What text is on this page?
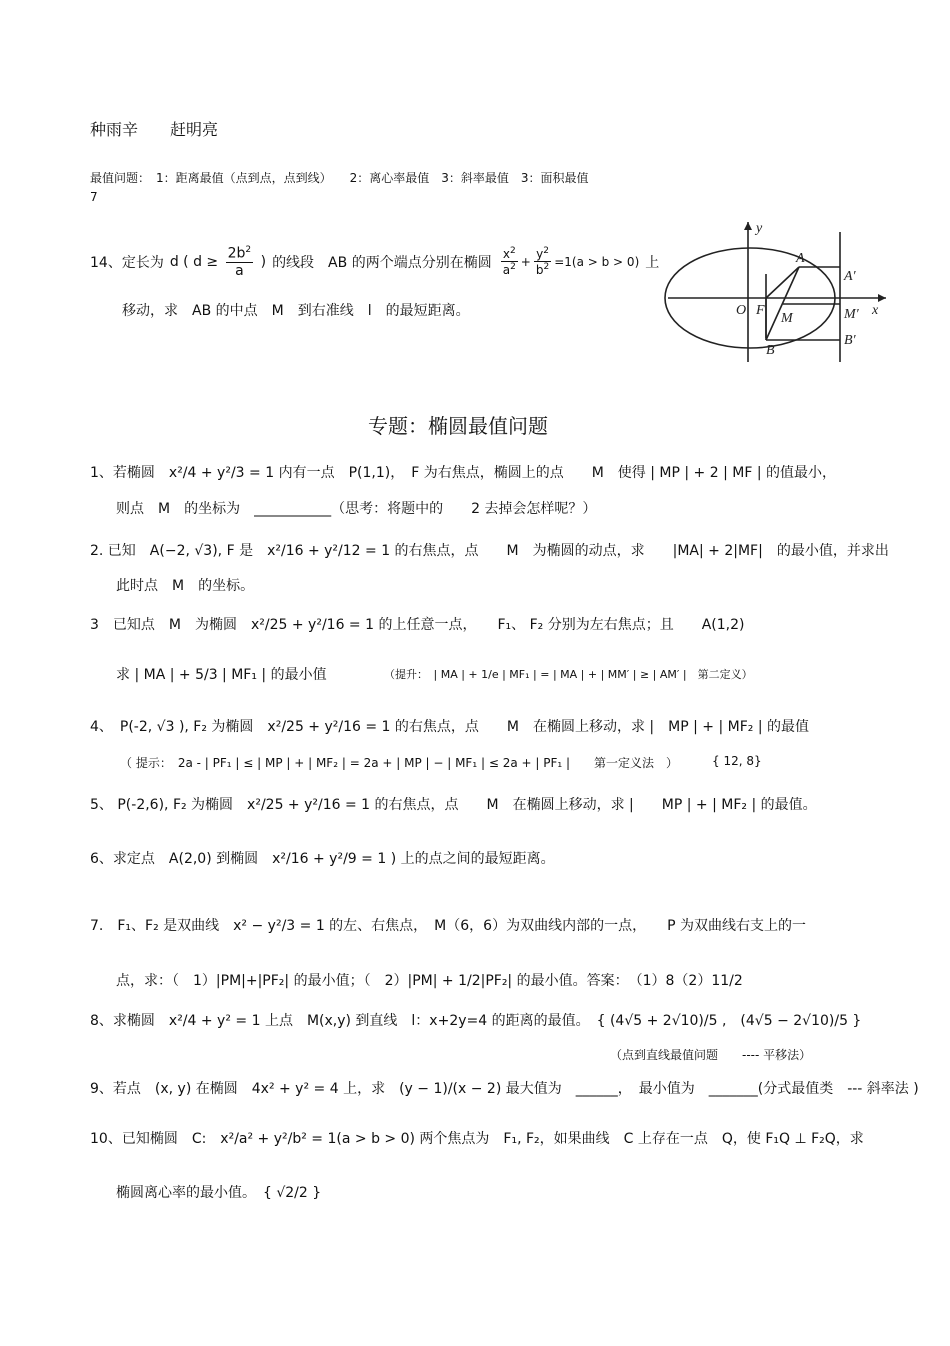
种雨辛　　赶明亮
最值问题：　1：距离最值（点到点，点到线）　　2：离心率最值　3：斜率最值　3：面积最值
7
14、定长为 d ( $d \ge \frac{2b^2}{a}$ ) 的线段　AB 的两个端点分别在椭圆 $\frac{x^2}{a^2} + \frac{y^2}{b^2} =1(a > b > 0)$ 上
移动，求　AB 的中点　M　到右准线　l　的最短距离。
y
A
A′
O F
M	M′ x
B
B′
专题：椭圆最值问题
1、若椭圆　x²/4 + y²/3 = 1 内有一点　P(1,1)，　F 为右焦点，椭圆上的点　　M　使得 | MP | + 2 | MF | 的值最小，
则点　M　的坐标为　___________（思考：将题中的　　2 去掉会怎样呢？）
2. 已知　A(−2, √3), F 是　x²/16 + y²/12 = 1 的右焦点，点　　M　为椭圆的动点，求　　|MA| + 2|MF|　的最小值，并求出
此时点　M　的坐标。
3　已知点　M　为椭圆　x²/25 + y²/16 = 1 的上任意一点，　　F₁、 F₂ 分别为左右焦点；且　　A(1,2)
求 | MA | + 5/3 | MF₁ | 的最小值	（提升：　| MA | + 1/e | MF₁ | = | MA | + | MM′ | ≥ | AM′ |　第二定义）
4、　P(-2, √3 ), F₂ 为椭圆　x²/25 + y²/16 = 1 的右焦点，点　　M　在椭圆上移动，求 |　MP | + | MF₂ | 的最值
（ 提示：　2a - | PF₁ | ≤ | MP | + | MF₂ | = 2a + | MP | − | MF₁ | ≤ 2a + | PF₁ |　　第一定义法　）	{ 12, 8}
5、 P(-2,6), F₂ 为椭圆　x²/25 + y²/16 = 1 的右焦点，点　　M　在椭圆上移动，求 |　　MP | + | MF₂ | 的最值。
6、求定点　A(2,0) 到椭圆　x²/16 + y²/9 = 1 ) 上的点之间的最短距离。
7.　F₁、F₂ 是双曲线　x² − y²/3 = 1 的左、右焦点，　M（6，6）为双曲线内部的一点，　　P 为双曲线右支上的一
点，求：（　1）|PM|+|PF₂| 的最小值；（　2）|PM| + 1/2|PF₂| 的最小值。答案：　（1）8（2）11/2
8、求椭圆　x²/4 + y² = 1 上点　M(x,y) 到直线　l：x+2y=4 的距离的最值。　{ (4√5 + 2√10)/5 ,　(4√5 − 2√10)/5 }
（点到直线最值问题　　---- 平移法）
9、若点　(x, y) 在椭圆　4x² + y² = 4 上，求　(y − 1)/(x − 2) 最大值为　______，　最小值为　_______(分式最值类　--- 斜率法 )
10、已知椭圆　C:　x²/a² + y²/b² = 1(a > b > 0) 两个焦点为　F₁, F₂，如果曲线　C 上存在一点　Q，使 F₁Q ⊥ F₂Q，求
椭圆离心率的最小值。　{ √2/2 }
